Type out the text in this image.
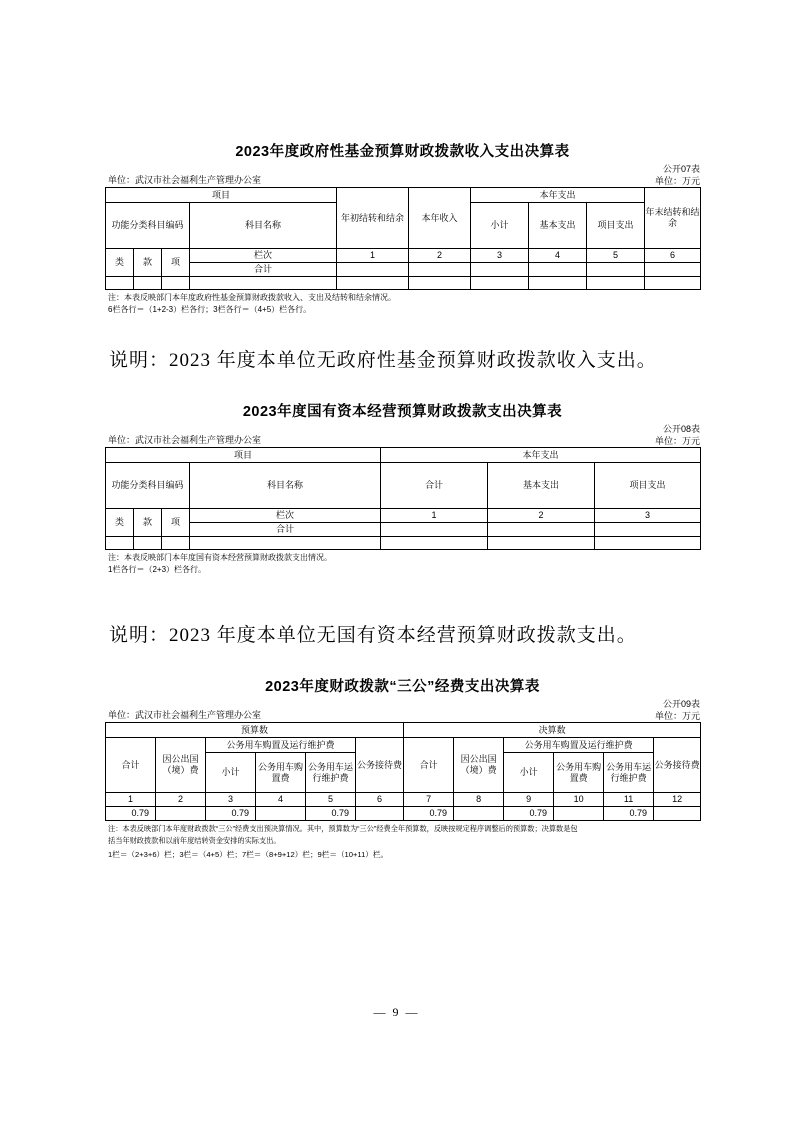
2023年度政府性基金预算财政拨款收入支出决算表
单位：武汉市社会福利生产管理办公室
公开07表
单位：万元
项目				年初结转和结余	本年收入	本年支出			年末结转和结余
功能分类科目编码			科目名称			小计	基本支出	项目支出	
类	款	项	栏次	1	2	3	4	5	6
			合计						

注：本表反映部门本年度政府性基金预算财政拨款收入、支出及结转和结余情况。
6栏各行＝（1+2-3）栏各行；3栏各行＝（4+5）栏各行。
说明：2023 年度本单位无政府性基金预算财政拨款收入支出。
2023年度国有资本经营预算财政拨款支出决算表
单位：武汉市社会福利生产管理办公室
公开08表
单位：万元
项目				本年支出		
功能分类科目编码			科目名称	合计	基本支出	项目支出
类	款	项	栏次	1	2	3
			合计			

注：本表反映部门本年度国有资本经营预算财政拨款支出情况。
1栏各行＝（2+3）栏各行。
说明：2023 年度本单位无国有资本经营预算财政拨款支出。
2023年度财政拨款“三公”经费支出决算表
单位：武汉市社会福利生产管理办公室
公开09表
单位：万元
预算数						决算数					
合计	因公出国（境）费	公务用车购置及运行维护费			公务接待费	合计	因公出国（境）费	公务用车购置及运行维护费			公务接待费
		小计	公务用车购置费	公务用车运行维护费				小计	公务用车购置费	公务用车运行维护费	
1	2	3	4	5	6	7	8	9	10	11	12
0.79		0.79		0.79		0.79		0.79		0.79	
注：本表反映部门本年度财政拨款“三公”经费支出预决算情况。其中，预算数为“三公”经费全年预算数，反映按规定程序调整后的预算数；决算数是包
括当年财政拨款和以前年度结转资金安排的实际支出。
1栏＝（2+3+6）栏；3栏＝（4+5）栏；7栏＝（8+9+12）栏；9栏＝（10+11）栏。
— 9 —
